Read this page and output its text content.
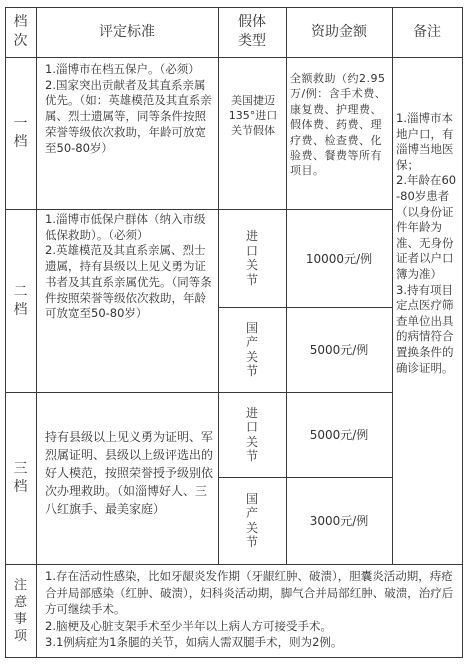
档次
评定标准
假体类型
资助金额	备注
一档
1.淄博市在档五保户。（必须）
2.国家突出贡献者及其直系亲属优先。（如：英雄模范及其直系亲属、烈士遗属等，同等条件按照荣誉等级依次救助，年龄可放宽至50-80岁）
美国捷迈
135°进口
关节假体
全额救助（约2.95万/例：含手术费、康复费、护理费、假体费、药费、理疗费、检查费、化验费、餐费等所有项目。
1.淄博市本地户口，有淄博当地医保；
2.年龄在60-80岁患者（以身份证件年龄为准、无身份证者以户口簿为准）
3.持有项目定点医疗筛查单位出具的病情符合置换条件的确诊证明。
二档
1.淄博市低保户群体（纳入市级低保救助）。（必须）
2.英雄模范及其直系亲属、烈士遗属，持有县级以上见义勇为证书者及其直系亲属优先。（同等条件按照荣誉等级依次救助，年龄可放宽至50-80岁）
进口关节
10000元/例
国产关节
5000元/例
三档
持有县级以上见义勇为证明、军烈属证明、县级以上级评选出的好人模范，按照荣誉授予级别依次办理救助。（如淄博好人、三八红旗手、最美家庭）
进口关节
5000元/例
国产关节
3000元/例
注意事项
1.存在活动性感染，比如牙龈炎发作期（牙龈红肿、破溃），胆囊炎活动期，痔疮合并局部感染（红肿、破溃），妇科炎活动期，脚气合并局部红肿、破溃，治疗后方可继续手术。
2.脑梗及心脏支架手术至少半年以上病人方可接受手术。
3.1例病症为1条腿的关节，如病人需双腿手术，则为2例。
